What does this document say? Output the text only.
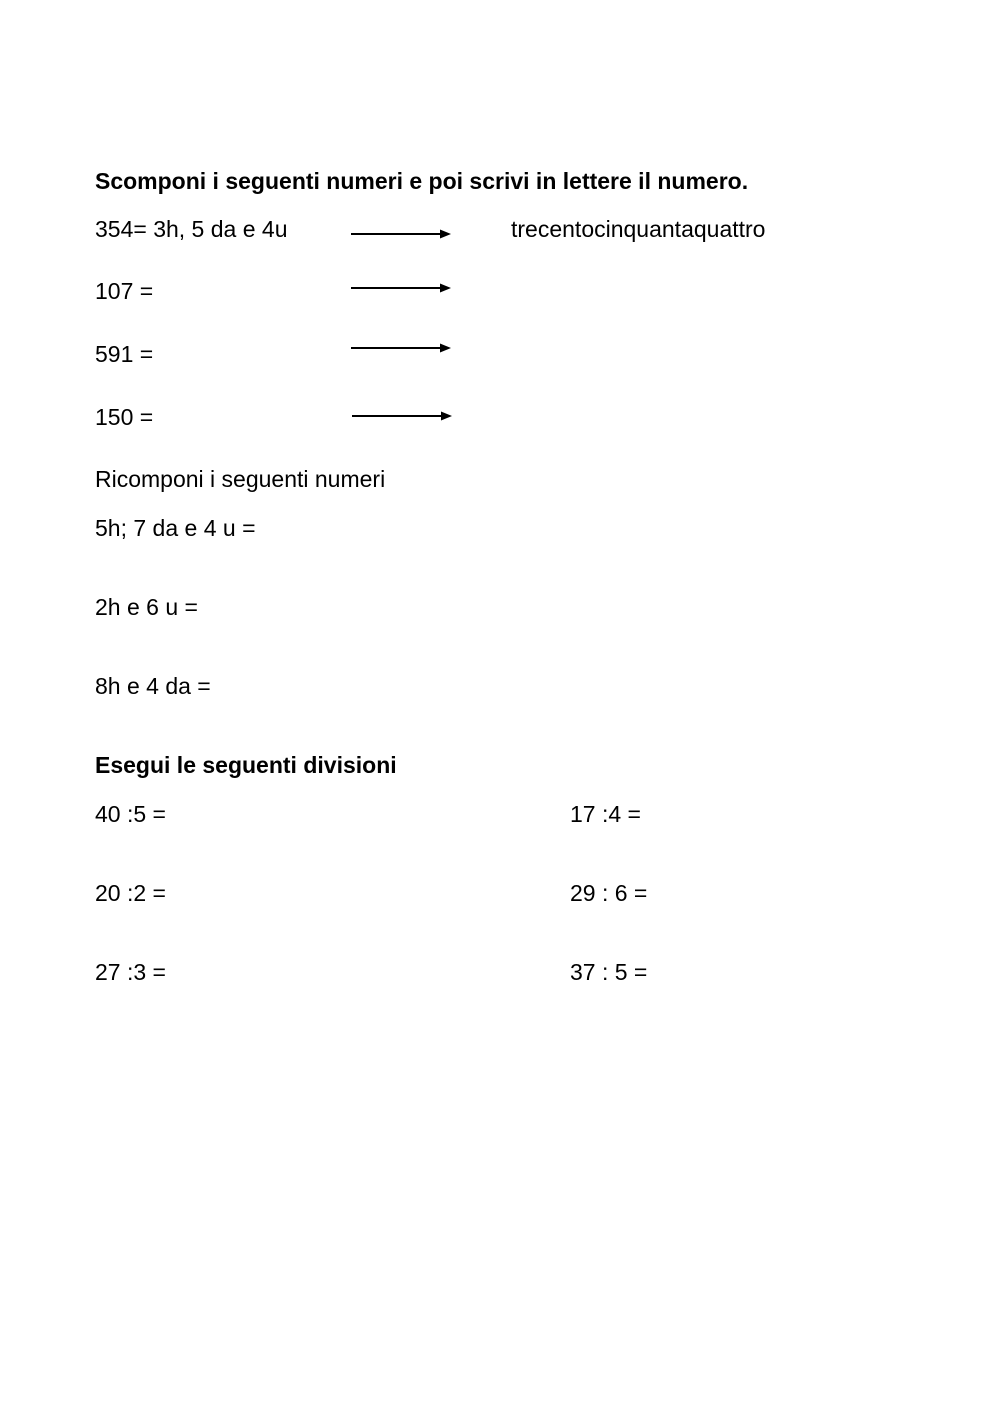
Scomponi i seguenti numeri e poi scrivi in lettere il numero.

354= 3h, 5 da e 4u	trecentocinquantaquattro

107 =

591 =

150 =

Ricomponi i seguenti numeri

5h; 7 da e 4 u =

2h e 6 u =

8h e 4 da =

Esegui le seguenti divisioni

40 :5 =	17 :4 =

20 :2 =	29 : 6 =

27 :3 =	37 : 5 =
